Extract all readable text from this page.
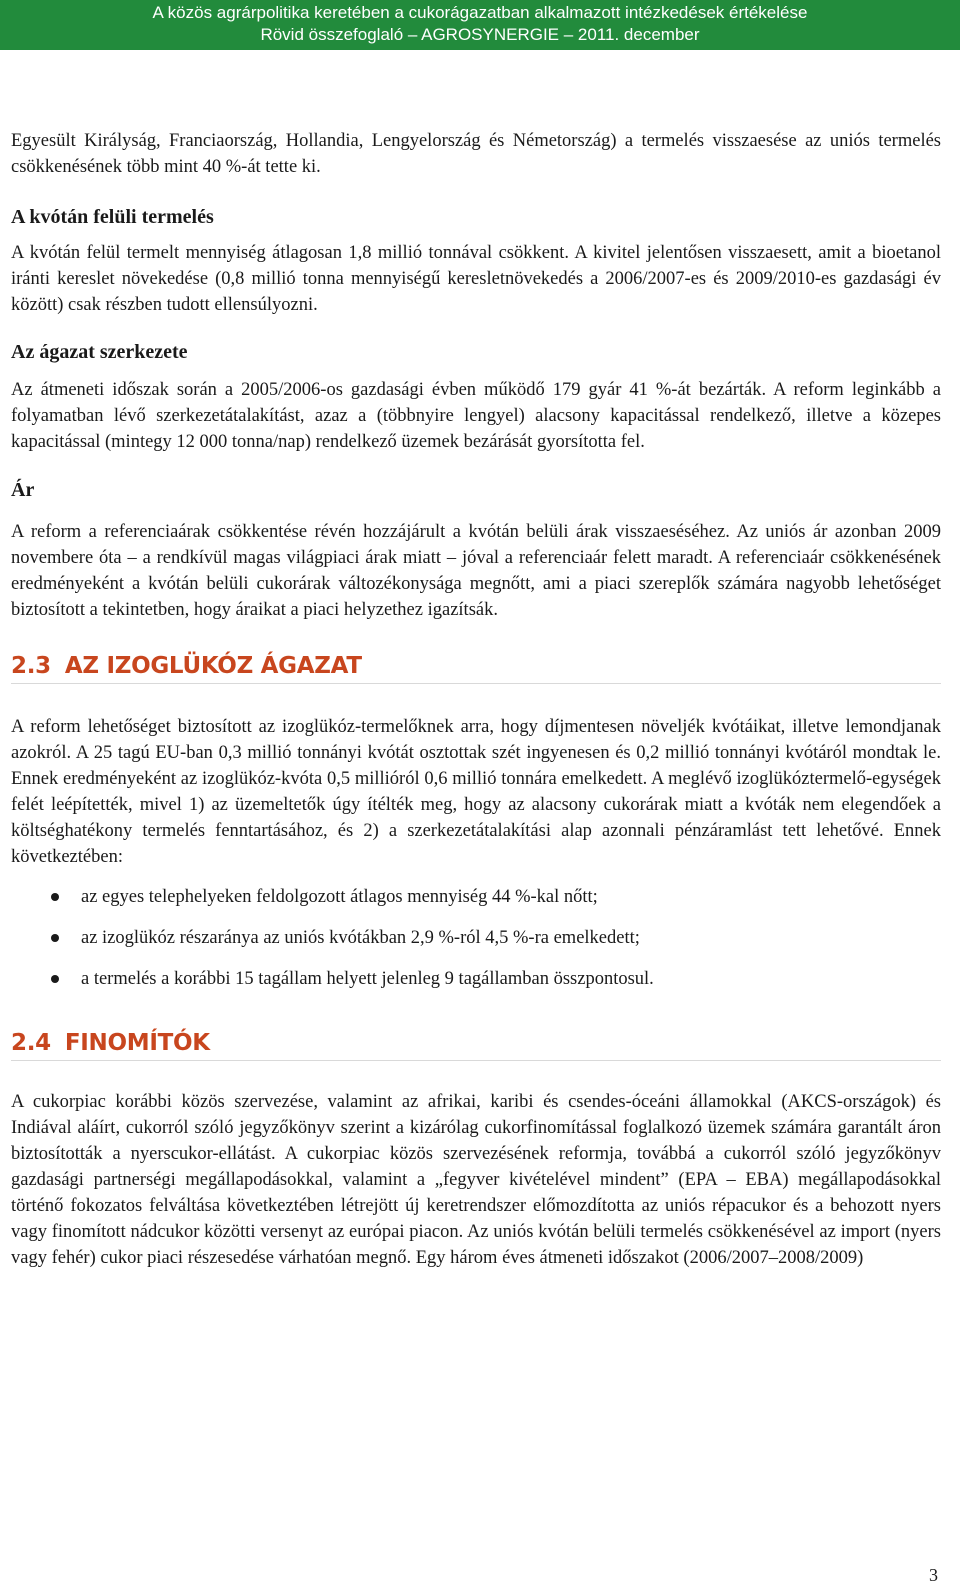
A közös agrárpolitika keretében a cukorágazatban alkalmazott intézkedések értékelése
Rövid összefoglaló – AGROSYNERGIE – 2011. december

Egyesült Királyság, Franciaország, Hollandia, Lengyelország és Németország) a termelés visszaesése az uniós termelés csökkenésének több mint 40 %-át tette ki.

A kvótán felüli termelés

A kvótán felül termelt mennyiség átlagosan 1,8 millió tonnával csökkent. A kivitel jelentősen visszaesett, amit a bioetanol iránti kereslet növekedése (0,8 millió tonna mennyiségű keresletnövekedés a 2006/2007-es és 2009/2010-es gazdasági év között) csak részben tudott ellensúlyozni.

Az ágazat szerkezete

Az átmeneti időszak során a 2005/2006-os gazdasági évben működő 179 gyár 41 %-át bezárták. A reform leginkább a folyamatban lévő szerkezetátalakítást, azaz a (többnyire lengyel) alacsony kapacitással rendelkező, illetve a közepes kapacitással (mintegy 12 000 tonna/nap) rendelkező üzemek bezárását gyorsította fel.

Ár

A reform a referenciaárak csökkentése révén hozzájárult a kvótán belüli árak visszaeséséhez. Az uniós ár azonban 2009 novembere óta – a rendkívül magas világpiaci árak miatt – jóval a referenciaár felett maradt. A referenciaár csökkenésének eredményeként a kvótán belüli cukorárak változékonysága megnőtt, ami a piaci szereplők számára nagyobb lehetőséget biztosított a tekintetben, hogy áraikat a piaci helyzethez igazítsák.

2.3 AZ IZOGLÜKÓZ ÁGAZAT

A reform lehetőséget biztosított az izoglükóz-termelőknek arra, hogy díjmentesen növeljék kvótáikat, illetve lemondjanak azokról. A 25 tagú EU-ban 0,3 millió tonnányi kvótát osztottak szét ingyenesen és 0,2 millió tonnányi kvótáról mondtak le. Ennek eredményeként az izoglükóz-kvóta 0,5 millióról 0,6 millió tonnára emelkedett. A meglévő izoglükóztermelő-egységek felét leépítették, mivel 1) az üzemeltetők úgy ítélték meg, hogy az alacsony cukorárak miatt a kvóták nem elegendőek a költséghatékony termelés fenntartásához, és 2) a szerkezetátalakítási alap azonnali pénzáramlást tett lehetővé. Ennek következtében:

az egyes telephelyeken feldolgozott átlagos mennyiség 44 %-kal nőtt;
az izoglükóz részaránya az uniós kvótákban 2,9 %-ról 4,5 %-ra emelkedett;
a termelés a korábbi 15 tagállam helyett jelenleg 9 tagállamban összpontosul.
2.4 FINOMÍTÓK

A cukorpiac korábbi közös szervezése, valamint az afrikai, karibi és csendes-óceáni államokkal (AKCS-országok) és Indiával aláírt, cukorról szóló jegyzőkönyv szerint a kizárólag cukorfinomítással foglalkozó üzemek számára garantált áron biztosították a nyerscukor-ellátást. A cukorpiac közös szervezésének reformja, továbbá a cukorról szóló jegyzőkönyv gazdasági partnerségi megállapodásokkal, valamint a „fegyver kivételével mindent” (EPA – EBA) megállapodásokkal történő fokozatos felváltása következtében létrejött új keretrendszer előmozdította az uniós répacukor és a behozott nyers vagy finomított nádcukor közötti versenyt az európai piacon. Az uniós kvótán belüli termelés csökkenésével az import (nyers vagy fehér) cukor piaci részesedése várhatóan megnő. Egy három éves átmeneti időszakot (2006/2007–2008/2009)

3
